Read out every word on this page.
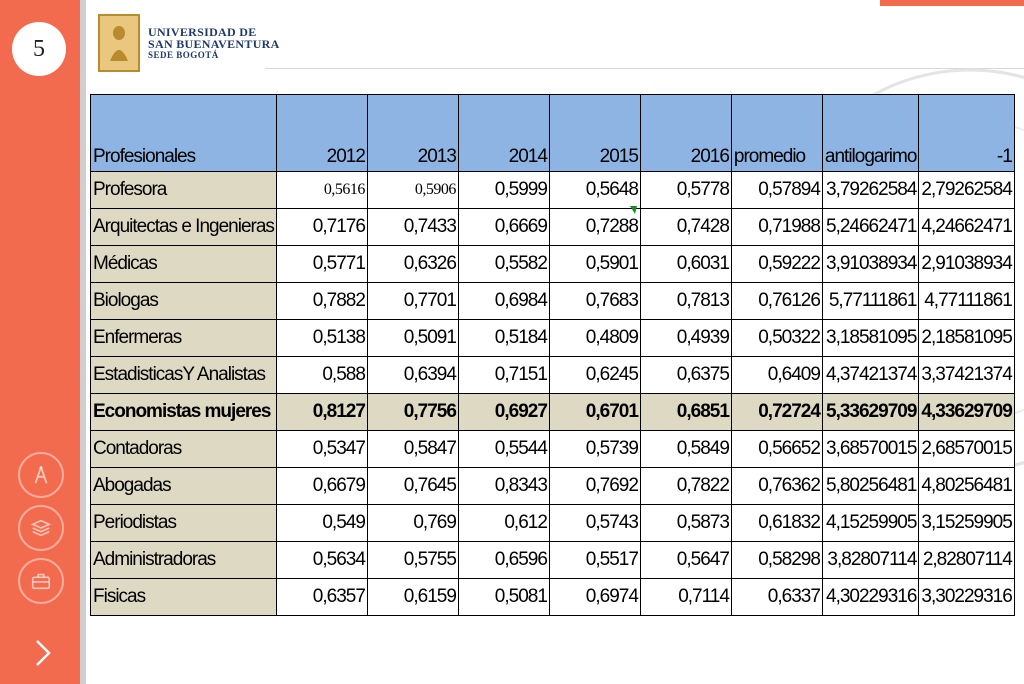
5
UNIVERSIDAD DE
SAN BUENAVENTURA
SEDE BOGOTÁ
Profesionales	2012	2013	2014	2015	2016	promedio	antilogarimo	-1
Profesora	0,5616	0,5906	0,5999	0,5648	0,5778	0,57894	3,79262584	2,79262584
Arquitectas e Ingenieras	0,7176	0,7433	0,6669	0,7288	0,7428	0,71988	5,24662471	4,24662471
Médicas	0,5771	0,6326	0,5582	0,5901	0,6031	0,59222	3,91038934	2,91038934
Biologas	0,7882	0,7701	0,6984	0,7683	0,7813	0,76126	5,77111861	4,77111861
Enfermeras	0,5138	0,5091	0,5184	0,4809	0,4939	0,50322	3,18581095	2,18581095
EstadisticasY Analistas	0,588	0,6394	0,7151	0,6245	0,6375	0,6409	4,37421374	3,37421374
Economistas mujeres	0,8127	0,7756	0,6927	0,6701	0,6851	0,72724	5,33629709	4,33629709
Contadoras	0,5347	0,5847	0,5544	0,5739	0,5849	0,56652	3,68570015	2,68570015
Abogadas	0,6679	0,7645	0,8343	0,7692	0,7822	0,76362	5,80256481	4,80256481
Periodistas	0,549	0,769	0,612	0,5743	0,5873	0,61832	4,15259905	3,15259905
Administradoras	0,5634	0,5755	0,6596	0,5517	0,5647	0,58298	3,82807114	2,82807114
Fisicas	0,6357	0,6159	0,5081	0,6974	0,7114	0,6337	4,30229316	3,30229316
